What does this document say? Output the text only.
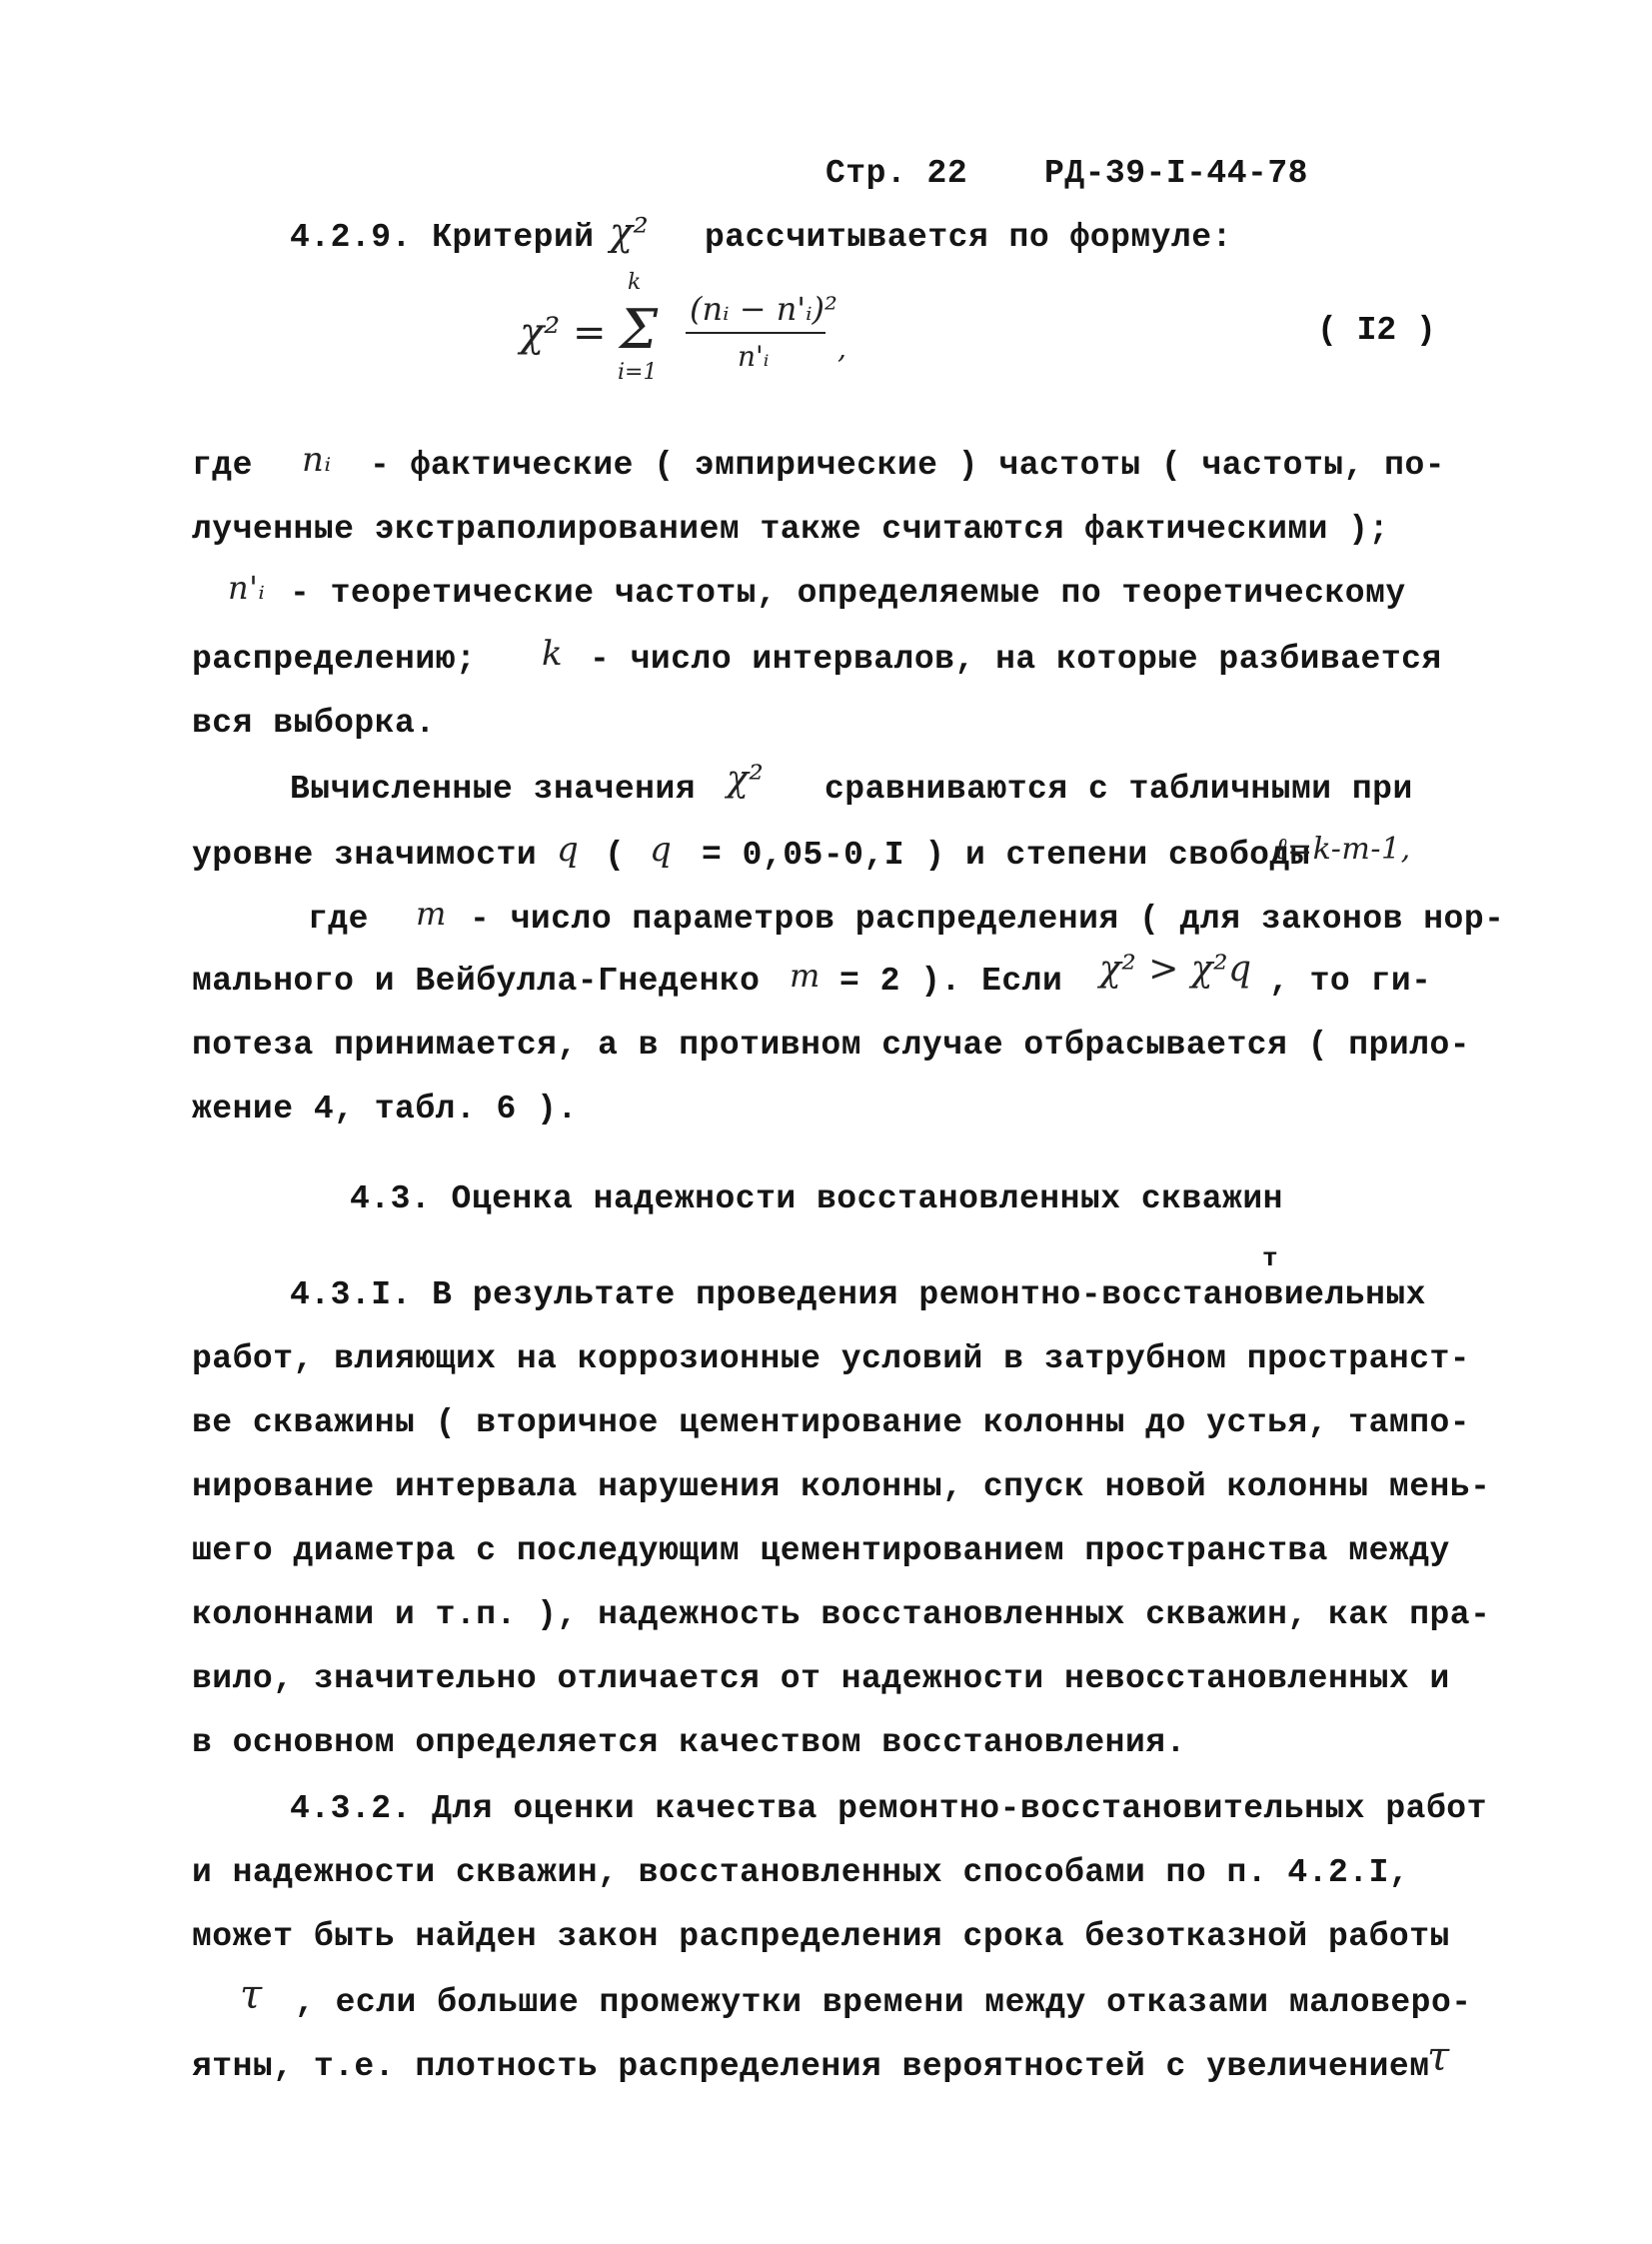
Стр. 22 РД-39-I-44-78
4.2.9. Критерий χ² рассчитывается по формуле:
χ² =
k
Σ
i=1
(nᵢ − n'ᵢ)²
n'ᵢ ,	( I2 )
где nᵢ - фактические ( эмпирические ) частоты ( частоты, по-
лученные экстраполированием также считаются фактическими );
n'ᵢ - теоретические частоты, определяемые по теоретическому
распределению; k - число интервалов, на которые разбивается
вся выборка.
Вычисленные значения χ² сравниваются с табличными при
уровне значимости q ( q = 0,05-0,I ) и степени свободы
ℓ=k-m-1,
где m - число параметров распределения ( для законов нор-
мального и Вейбулла-Гнеденко m = 2 ). Если χ² > χ²q , то ги-
потеза принимается, а в противном случае отбрасывается ( прило-
жение 4, табл. 6 ).
4.3. Оценка надежности восстановленных скважин
т
4.3.I. В результате проведения ремонтно-восстановиельных
работ, влияющих на коррозионные условий в затрубном пространст-
ве скважины ( вторичное цементирование колонны до устья, тампо-
нирование интервала нарушения колонны, спуск новой колонны мень-
шего диаметра с последующим цементированием пространства между
колоннами и т.п. ), надежность восстановленных скважин, как пра-
вило, значительно отличается от надежности невосстановленных и
в основном определяется качеством восстановления.
4.3.2. Для оценки качества ремонтно-восстановительных работ
и надежности скважин, восстановленных способами по п. 4.2.I,
может быть найден закон распределения срока безотказной работы
τ , если большие промежутки времени между отказами маловеро-
ятны, т.е. плотность распределения вероятностей с увеличением
τ
